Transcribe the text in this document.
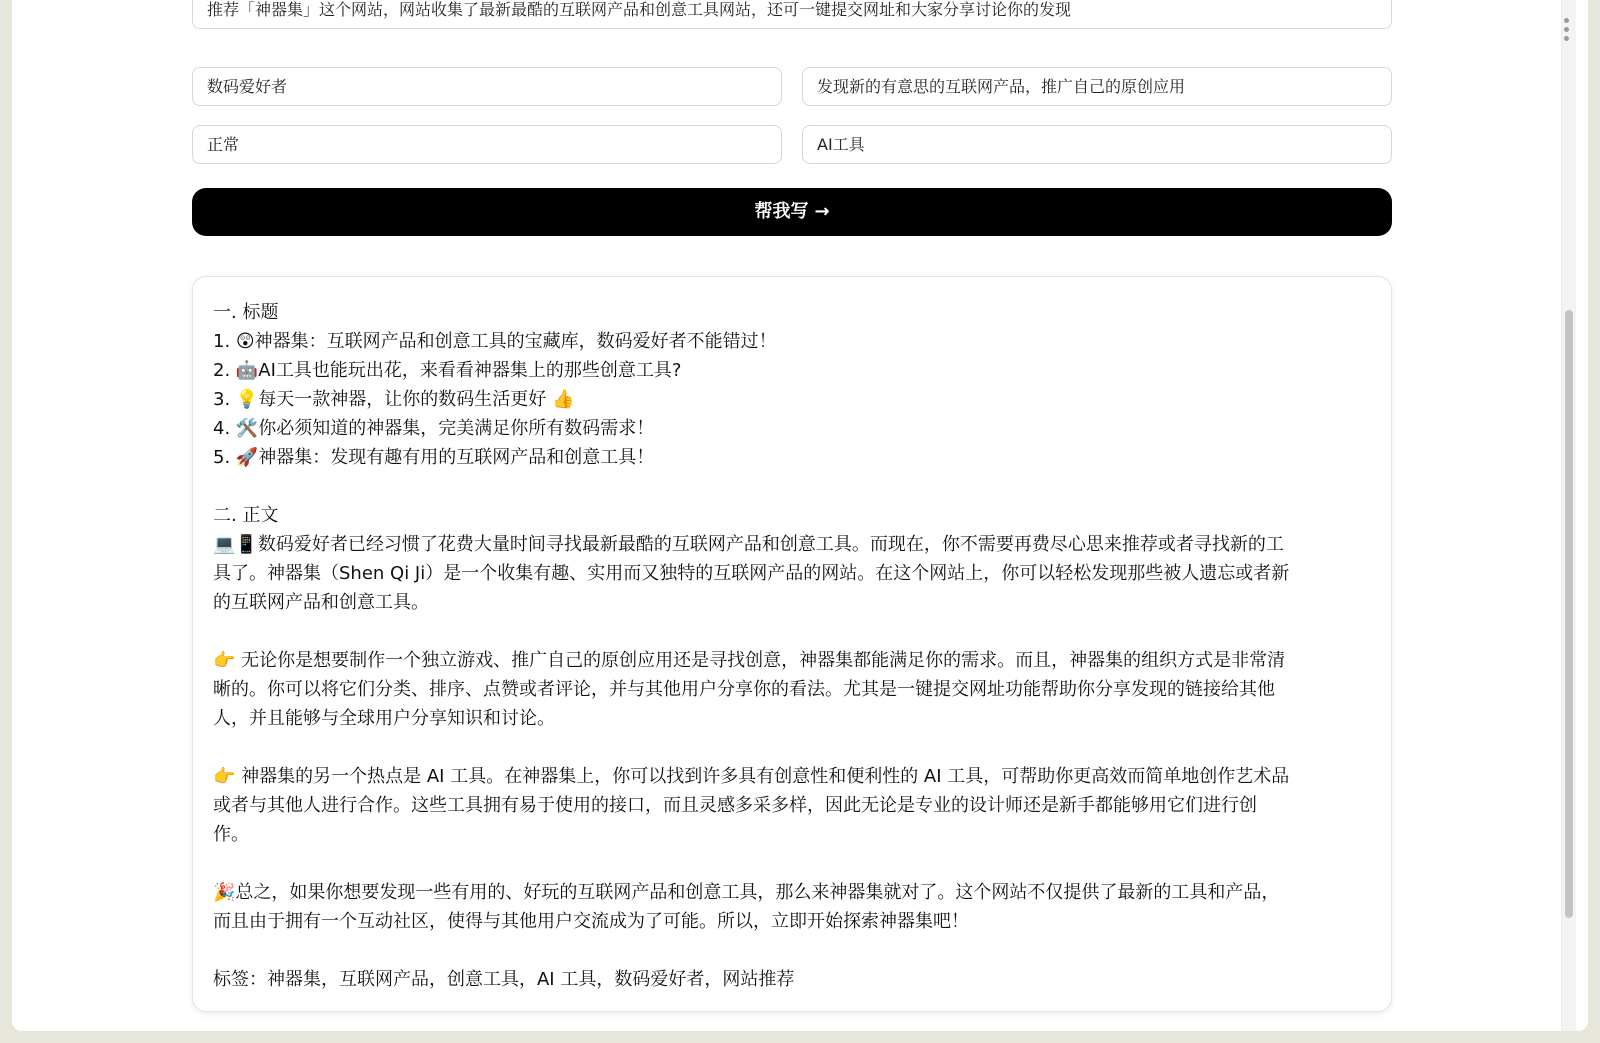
推荐「神器集」这个网站，网站收集了最新最酷的互联网产品和创意工具网站，还可一键提交网址和大家分享讨论你的发现
数码爱好者	发现新的有意思的互联网产品，推广自己的原创应用
正常	AI工具
帮我写 →

一. 标题

1. 😲神器集：互联网产品和创意工具的宝藏库，数码爱好者不能错过！

2. 🤖AI工具也能玩出花，来看看神器集上的那些创意工具?

3. 💡每天一款神器，让你的数码生活更好 👍

4. 🛠️你必须知道的神器集，完美满足你所有数码需求！

5. 🚀神器集：发现有趣有用的互联网产品和创意工具！

二. 正文

💻📱数码爱好者已经习惯了花费大量时间寻找最新最酷的互联网产品和创意工具。而现在，你不需要再费尽心思来推荐或者寻找新的工

具了。神器集（Shen Qi Ji）是一个收集有趣、实用而又独特的互联网产品的网站。在这个网站上，你可以轻松发现那些被人遗忘或者新

的互联网产品和创意工具。

👉 无论你是想要制作一个独立游戏、推广自己的原创应用还是寻找创意，神器集都能满足你的需求。而且，神器集的组织方式是非常清

晰的。你可以将它们分类、排序、点赞或者评论，并与其他用户分享你的看法。尤其是一键提交网址功能帮助你分享发现的链接给其他

人，并且能够与全球用户分享知识和讨论。

👉 神器集的另一个热点是 AI 工具。在神器集上，你可以找到许多具有创意性和便利性的 AI 工具，可帮助你更高效而简单地创作艺术品

或者与其他人进行合作。这些工具拥有易于使用的接口，而且灵感多采多样，因此无论是专业的设计师还是新手都能够用它们进行创

作。

🎉总之，如果你想要发现一些有用的、好玩的互联网产品和创意工具，那么来神器集就对了。这个网站不仅提供了最新的工具和产品，

而且由于拥有一个互动社区，使得与其他用户交流成为了可能。所以，立即开始探索神器集吧！

标签：神器集，互联网产品，创意工具，AI 工具，数码爱好者，网站推荐
